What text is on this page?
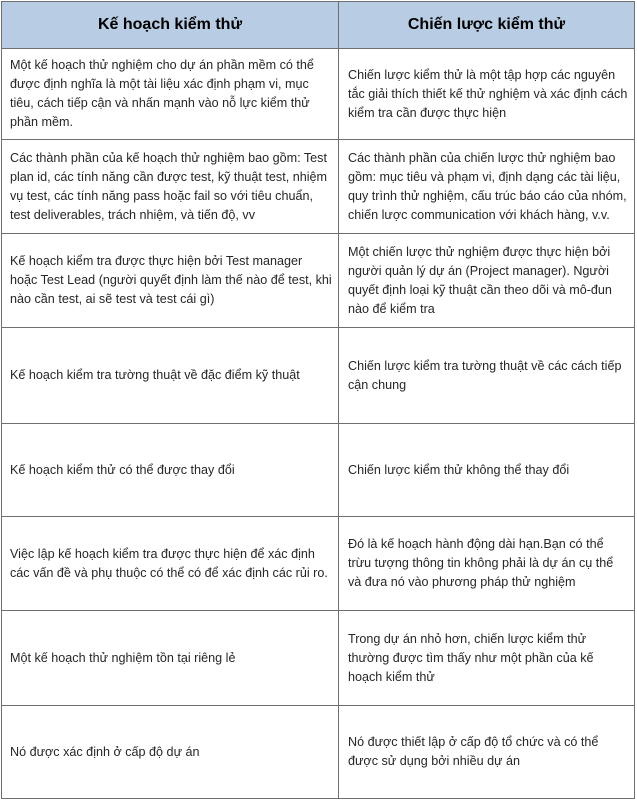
Kế hoạch kiểm thử	Chiến lược kiểm thử
Một kế hoạch thử nghiệm cho dự án phần mềm có thể được định nghĩa là một tài liệu xác định phạm vi, mục tiêu, cách tiếp cận và nhấn mạnh vào nỗ lực kiểm thử phần mềm.	Chiến lược kiểm thử là một tập hợp các nguyên tắc giải thích thiết kế thử nghiệm và xác định cách kiểm tra cần được thực hiện
Các thành phần của kế hoạch thử nghiệm bao gồm: Test plan id, các tính năng cần được test, kỹ thuật test, nhiệm vụ test, các tính năng pass hoặc fail so với tiêu chuẩn, test deliverables, trách nhiệm, và tiến độ, vv	Các thành phần của chiến lược thử nghiệm bao gồm: mục tiêu và phạm vi, định dạng các tài liệu, quy trình thử nghiệm, cấu trúc báo cáo của nhóm, chiến lược communication với khách hàng, v.v.
Kế hoạch kiểm tra được thực hiện bởi Test manager hoặc Test Lead (người quyết định làm thế nào để test, khi nào cần test, ai sẽ test và test cái gì)	Một chiến lược thử nghiệm được thực hiện bởi người quản lý dự án (Project manager). Người quyết định loại kỹ thuật cần theo dõi và mô-đun nào để kiểm tra
Kế hoạch kiểm tra tường thuật về đặc điểm kỹ thuật	Chiến lược kiểm tra tường thuật về các cách tiếp cận chung
Kế hoạch kiểm thử có thể được thay đổi	Chiến lược kiểm thử không thể thay đổi
Việc lập kế hoạch kiểm tra được thực hiện để xác định các vấn đề và phụ thuộc có thể có để xác định các rủi ro.	Đó là kế hoạch hành động dài hạn.Bạn có thể trừu tượng thông tin không phải là dự án cụ thể và đưa nó vào phương pháp thử nghiệm
Một kế hoạch thử nghiệm tồn tại riêng lẻ	Trong dự án nhỏ hơn, chiến lược kiểm thử thường được tìm thấy như một phần của kế hoạch kiểm thử
Nó được xác định ở cấp độ dự án	Nó được thiết lập ở cấp độ tổ chức và có thể được sử dụng bởi nhiều dự án
